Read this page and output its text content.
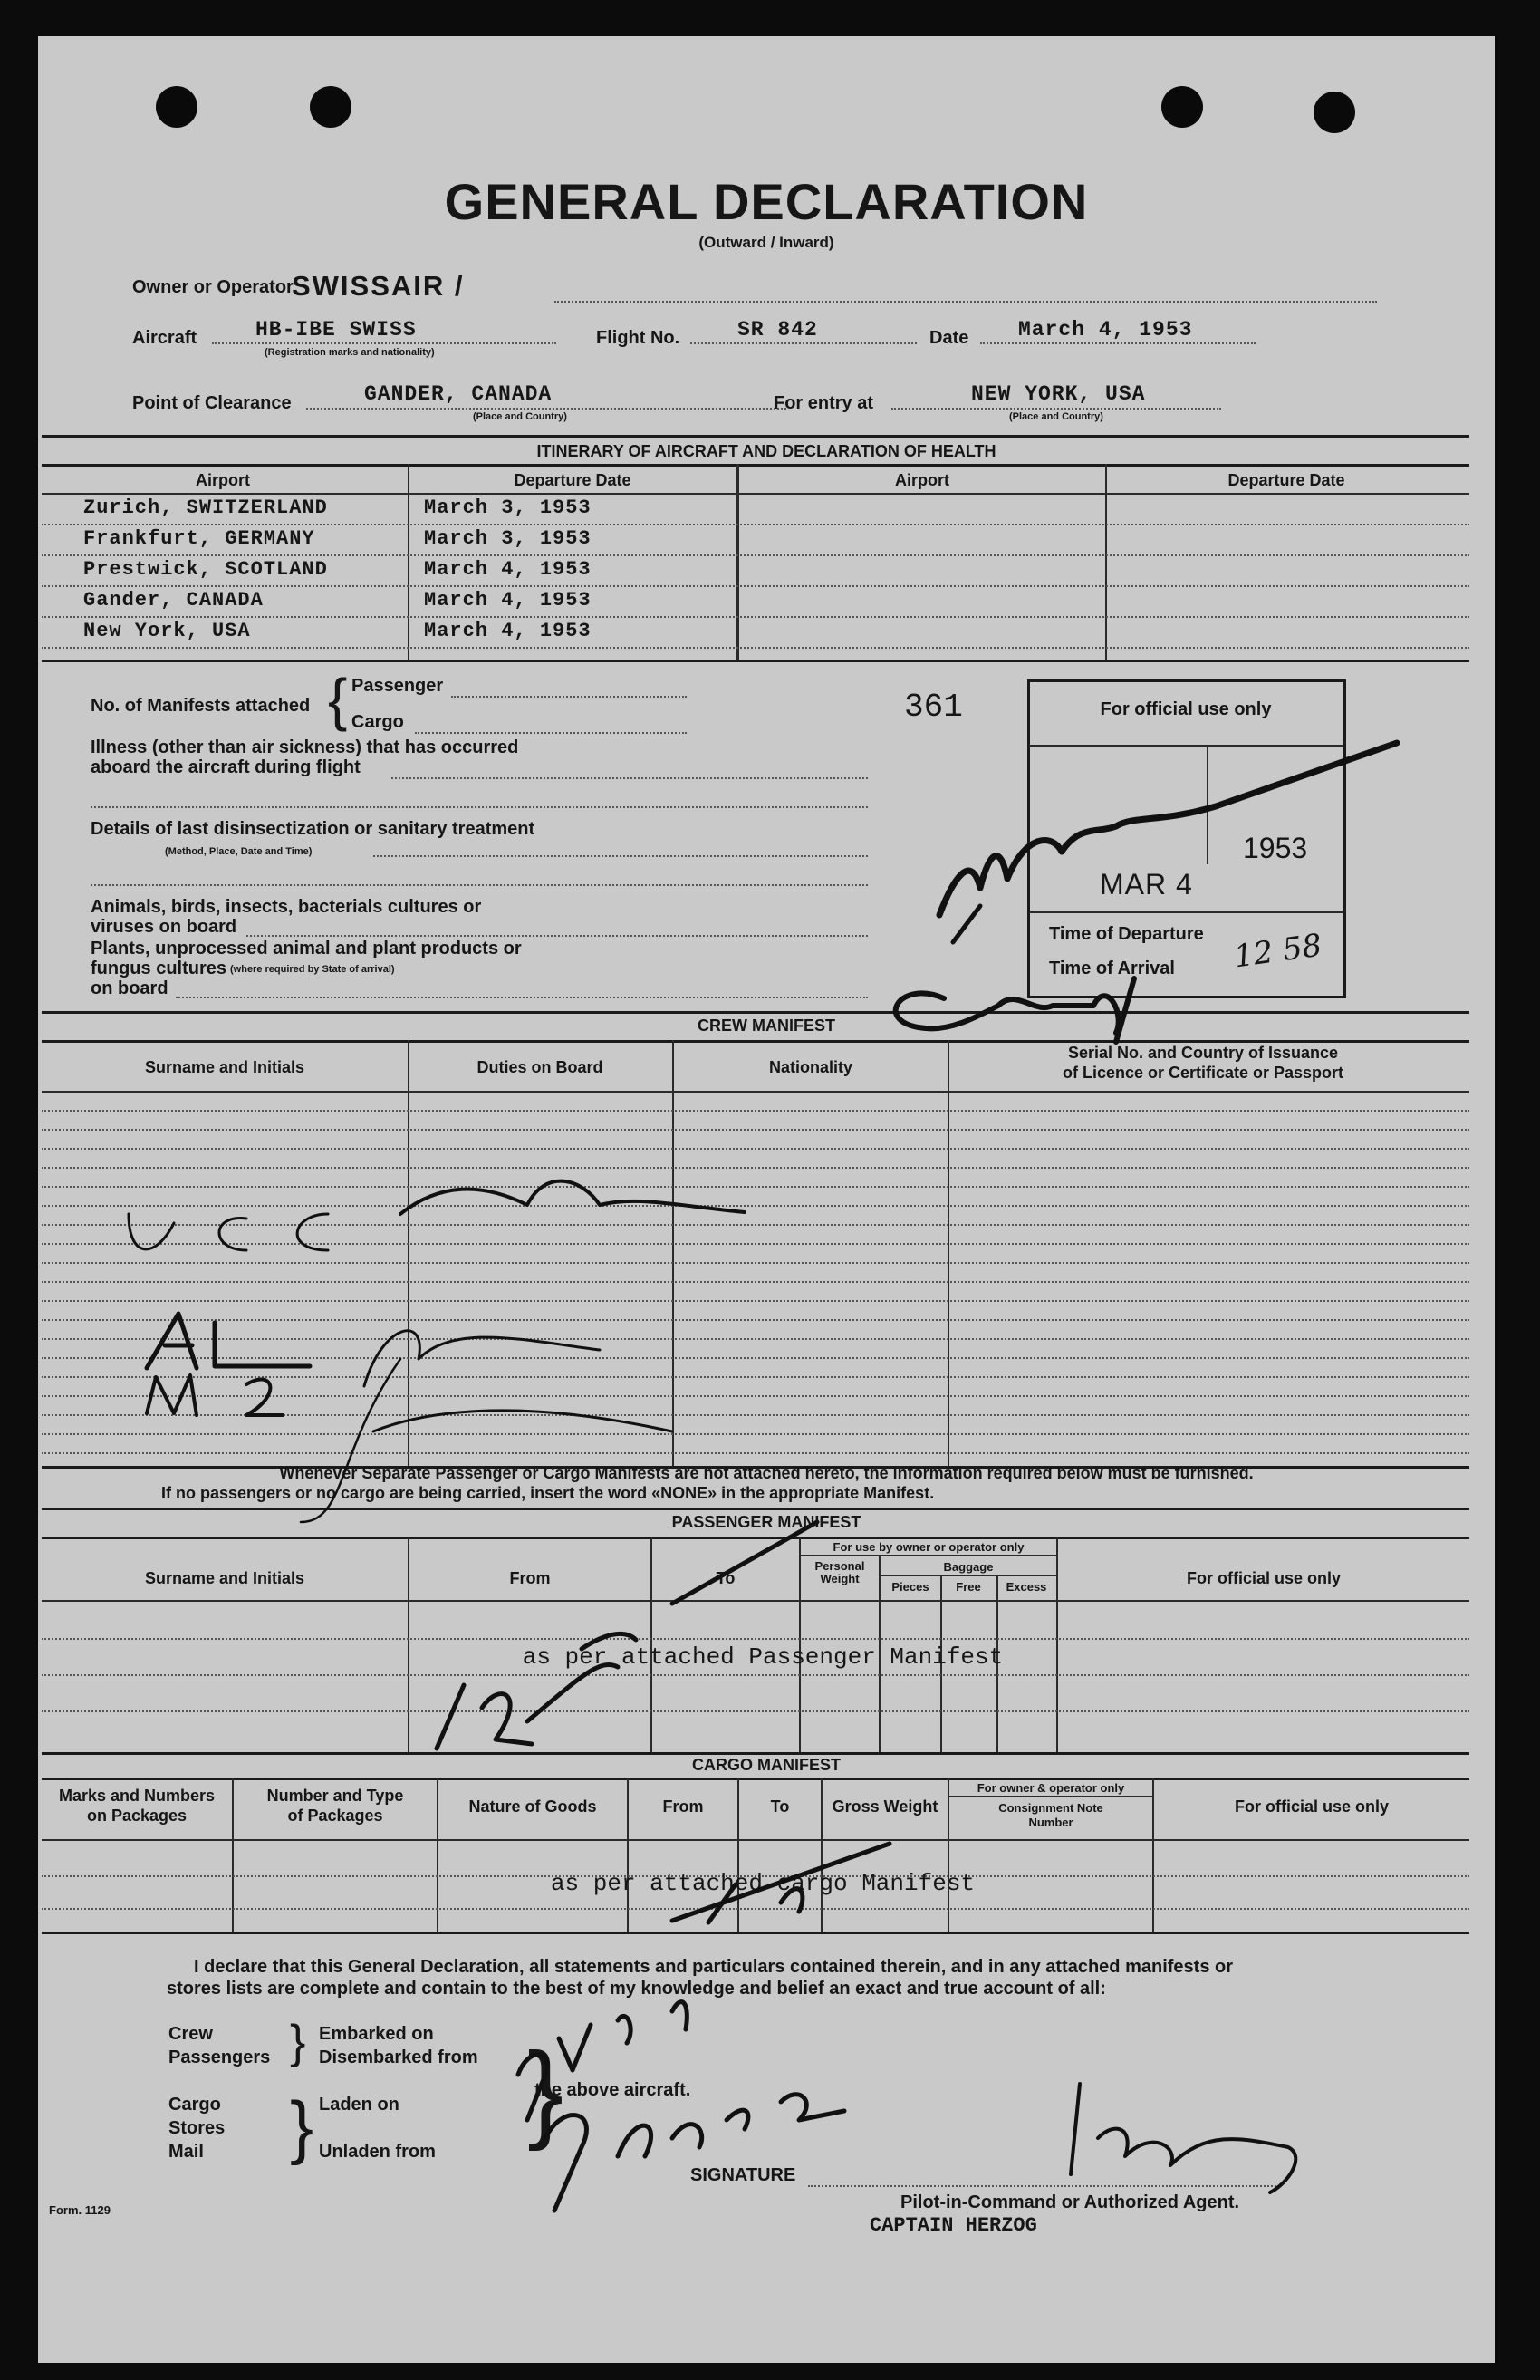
GENERAL DECLARATION
(Outward / Inward)
Owner or Operator
SWISSAIR /
Aircraft	HB-IBE SWISS
(Registration marks and nationality)
Flight No.	SR 842	Date March 4, 1953
Point of Clearance	GANDER, CANADA
(Place and Country)
For entry at	NEW YORK, USA
(Place and Country)
ITINERARY OF AIRCRAFT AND DECLARATION OF HEALTH
Airport	Departure Date	Airport	Departure Date
Zurich, SWITZERLAND	March 3, 1953
Frankfurt, GERMANY	March 3, 1953
Prestwick, SCOTLAND	March 4, 1953
Gander, CANADA	March 4, 1953
New York, USA	March 4, 1953
No. of Manifests attached { Passenger
Cargo	361
Illness (other than air sickness) that has occurred
aboard the aircraft during flight
Details of last disinsectization or sanitary treatment
(Method, Place, Date and Time)
Animals, birds, insects, bacterials cultures or
viruses on board
Plants, unprocessed animal and plant products or
fungus cultures (where required by State of arrival)
on board
For official use only
MAR 4
1953
Time of Departure
Time of Arrival
CREW MANIFEST
Surname and Initials	Duties on Board	Nationality
Serial No. and Country of Issuance
of Licence or Certificate or Passport
Whenever Separate Passenger or Cargo Manifests are not attached hereto, the information required below must be furnished.
If no passengers or no cargo are being carried, insert the word «NONE» in the appropriate Manifest.
PASSENGER MANIFEST
Surname and Initials	From	To
For use by owner or operator only
Personal Weight
Baggage
Pieces	Free	Excess	For official use only
as per attached Passenger Manifest
CARGO MANIFEST
Marks and Numbers
on Packages
Number and Type
of Packages	Nature of Goods	From	To	Gross Weight
For owner & operator only
Consignment Note
Number
For official use only
as per attached cargo Manifest
I declare that this General Declaration, all statements and particulars contained therein, and in any attached manifests or
stores lists are complete and contain to the best of my knowledge and belief an exact and true account of all:
Crew
Passengers } Embarked on
Disembarked from
Cargo
Stores
Mail } Laden on
Unladen from }
the above aircraft.
SIGNATURE
Pilot-in-Command or Authorized Agent.
CAPTAIN HERZOG
Form. 1129
12 58
